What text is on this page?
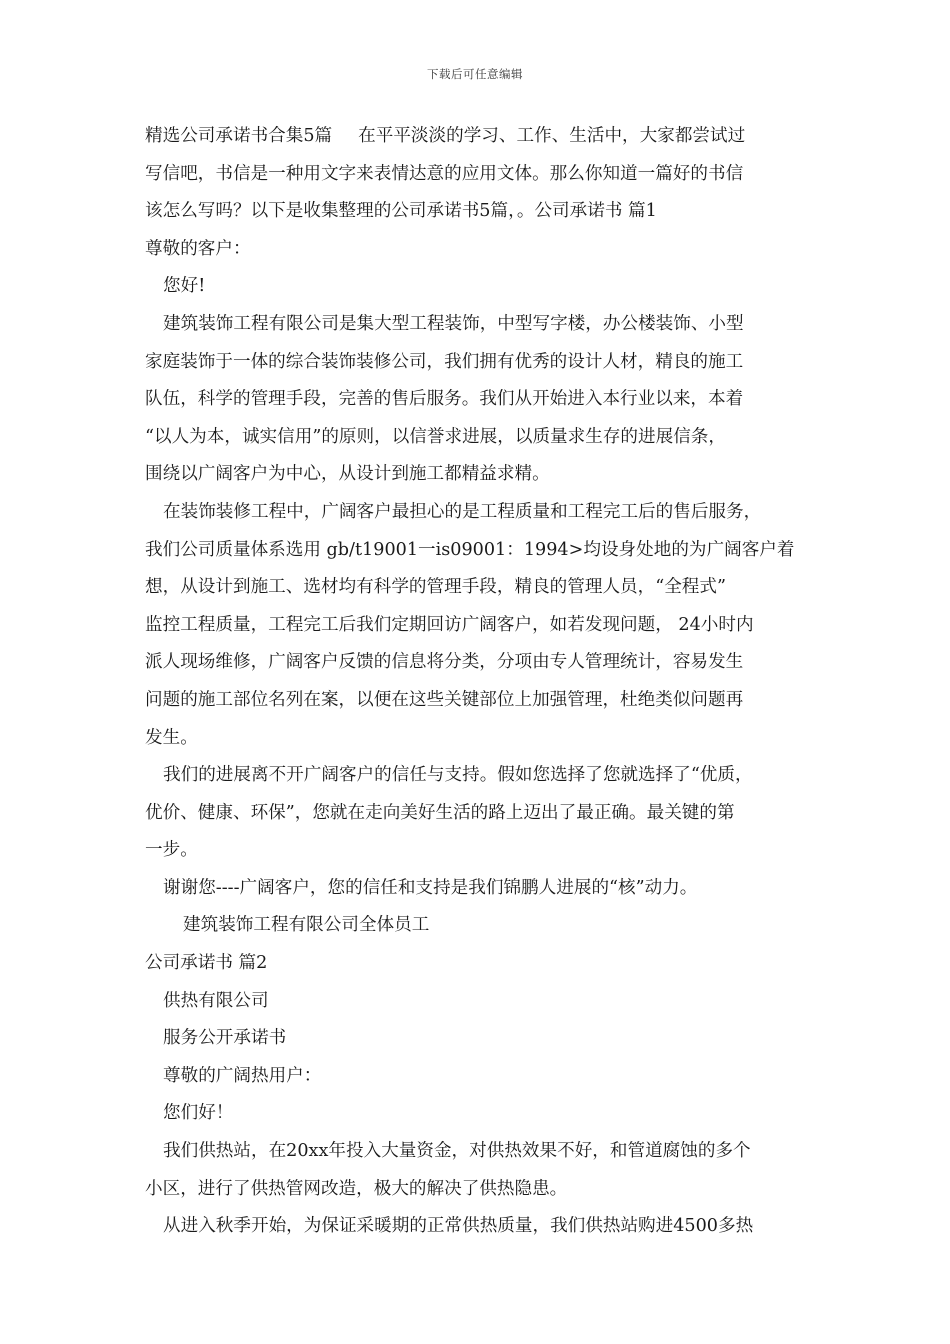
下载后可任意编辑
精选公司承诺书合集5篇 在平平淡淡的学习、工作、生活中，大家都尝试过
写信吧，书信是一种用文字来表情达意的应用文体。那么你知道一篇好的书信
该怎么写吗？以下是收集整理的公司承诺书5篇，。公司承诺书 篇1
尊敬的客户：
您好!
建筑装饰工程有限公司是集大型工程装饰，中型写字楼，办公楼装饰、小型
家庭装饰于一体的综合装饰装修公司，我们拥有优秀的设计人材，精良的施工
队伍，科学的管理手段，完善的售后服务。我们从开始进入本行业以来，本着
“以人为本，诚实信用”的原则，以信誉求进展，以质量求生存的进展信条，
围绕以广阔客户为中心，从设计到施工都精益求精。
在装饰装修工程中，广阔客户最担心的是工程质量和工程完工后的售后服务，
我们公司质量体系选用 gb/t19001一is09001：1994>均设身处地的为广阔客户着
想，从设计到施工、选材均有科学的管理手段，精良的管理人员，“全程式”
监控工程质量，工程完工后我们定期回访广阔客户，如若发现问题， 24小时内
派人现场维修，广阔客户反馈的信息将分类，分项由专人管理统计，容易发生
问题的施工部位名列在案，以便在这些关键部位上加强管理，杜绝类似问题再
发生。
我们的进展离不开广阔客户的信任与支持。假如您选择了您就选择了“优质，
优价、健康、环保”，您就在走向美好生活的路上迈出了最正确。最关键的第
一步。
谢谢您----广阔客户，您的信任和支持是我们锦鹏人进展的“核”动力。
建筑装饰工程有限公司全体员工
公司承诺书 篇2
供热有限公司
服务公开承诺书
尊敬的广阔热用户：
您们好！
我们供热站，在20xx年投入大量资金，对供热效果不好，和管道腐蚀的多个
小区，进行了供热管网改造，极大的解决了供热隐患。
从进入秋季开始，为保证采暖期的正常供热质量，我们供热站购进4500多热
